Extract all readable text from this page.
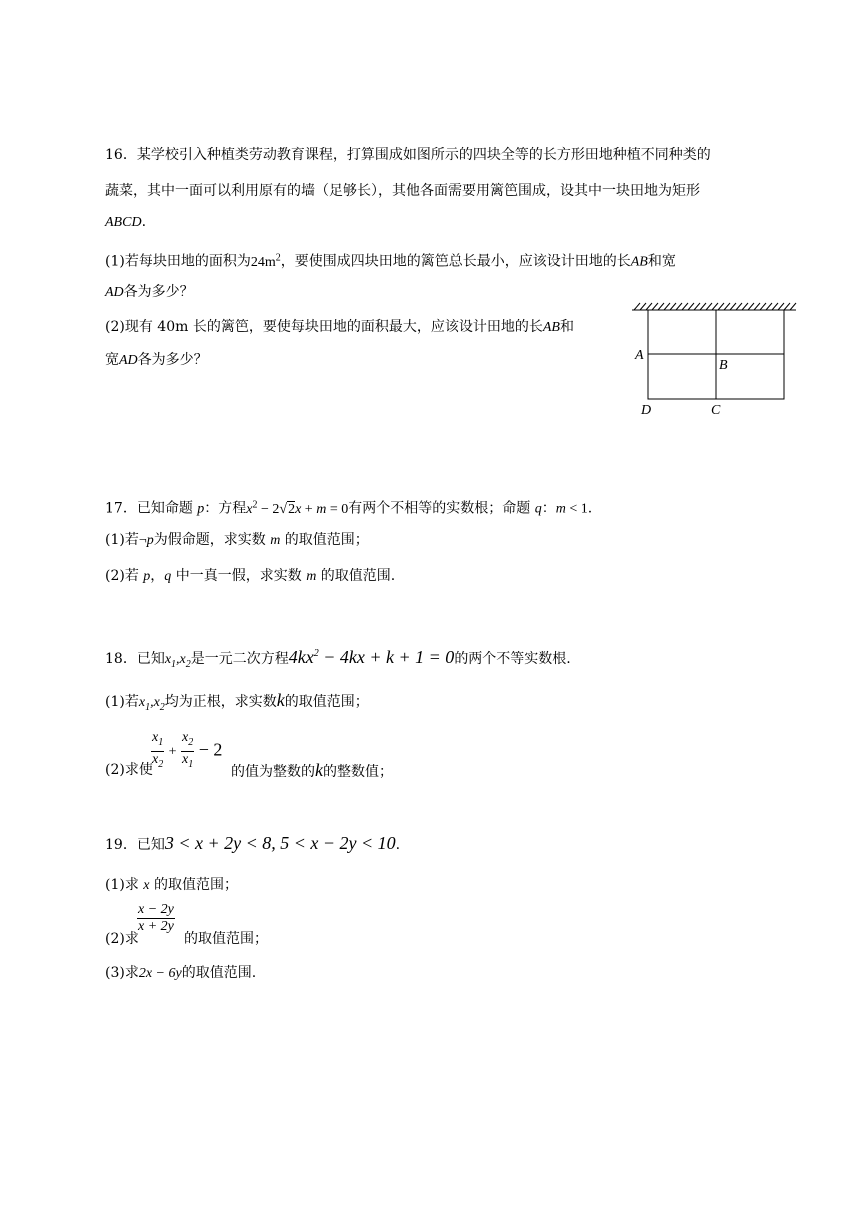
16．某学校引入种植类劳动教育课程，打算围成如图所示的四块全等的长方形田地种植不同种类的
蔬菜，其中一面可以利用原有的墙（足够长），其他各面需要用篱笆围成，设其中一块田地为矩形
ABCD.
(1)若每块田地的面积为$24m^2$，要使围成四块田地的篱笆总长最小，应该设计田地的长AB和宽
AD各为多少？
(2)现有 40m 长的篱笆，要使每块田地的面积最大，应该设计田地的长AB和
宽AD各为多少？	A
B
D	C
17．已知命题 p：方程$x^2 - 2√2x + m = 0$有两个不相等的实数根；命题 q：m < 1.
(1)若¬p为假命题，求实数 m 的取值范围；
(2)若 p，q 中一真一假，求实数 m 的取值范围.
18．已知$x_1,x_2$是一元二次方程$4kx^2 - 4kx + k + 1 = 0$的两个不等实数根.
(1)若$x_1,x_2$均为正根，求实数k的取值范围；
$\frac{x_1}{x_2} + \frac{x_2}{x_1} - 2$
(2)求使	的值为整数的k的整数值；
19．已知3 < x + 2y < 8, 5 < x − 2y < 10.
(1)求 x 的取值范围；
$\frac{x - 2y}{x + 2y}$
(2)求	的取值范围；
(3)求2x − 6y的取值范围.
